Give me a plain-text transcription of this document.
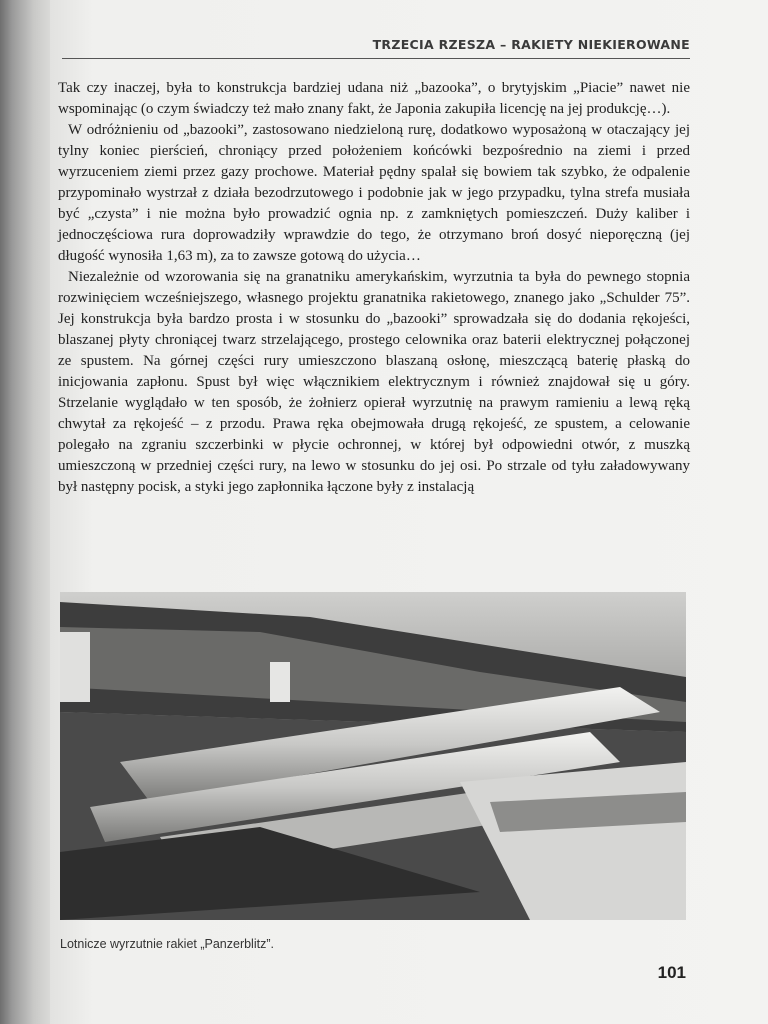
TRZECIA RZESZA – RAKIETY NIEKIEROWANE

Tak czy inaczej, była to konstrukcja bardziej udana niż „bazooka”, o brytyjskim „Piacie” nawet nie wspominając (o czym świadczy też mało znany fakt, że Japonia zakupiła licencję na jej produkcję…).

W odróżnieniu od „bazooki”, zastosowano niedzieloną rurę, dodatkowo wyposażoną w otaczający jej tylny koniec pierścień, chroniący przed położeniem końcówki bezpośrednio na ziemi i przed wyrzuceniem ziemi przez gazy prochowe. Materiał pędny spalał się bowiem tak szybko, że odpalenie przypominało wystrzał z działa bezodrzutowego i podobnie jak w jego przypadku, tylna strefa musiała być „czysta” i nie można było prowadzić ognia np. z zamkniętych pomieszczeń. Duży kaliber i jednoczęściowa rura doprowadziły wprawdzie do tego, że otrzymano broń dosyć nieporęczną (jej długość wynosiła 1,63 m), za to zawsze gotową do użycia…

Niezależnie od wzorowania się na granatniku amerykańskim, wyrzutnia ta była do pewnego stopnia rozwinięciem wcześniejszego, własnego projektu granatnika rakietowego, znanego jako „Schulder 75”. Jej konstrukcja była bardzo prosta i w stosunku do „bazooki” sprowadzała się do dodania rękojeści, blaszanej płyty chroniącej twarz strzelającego, prostego celownika oraz baterii elektrycznej połączonej ze spustem. Na górnej części rury umieszczono blaszaną osłonę, mieszczącą baterię płaską do inicjowania zapłonu. Spust był więc włącznikiem elektrycznym i również znajdował się u góry. Strzelanie wyglądało w ten sposób, że żołnierz opierał wyrzutnię na prawym ramieniu a lewą ręką chwytał za rękojeść – z przodu. Prawa ręka obejmowała drugą rękojeść, ze spustem, a celowanie polegało na zgraniu szczerbinki w płycie ochronnej, w której był odpowiedni otwór, z muszką umieszczoną w przedniej części rury, na lewo w stosunku do jej osi. Po strzale od tyłu załadowywany był następny pocisk, a styki jego zapłonnika łączone były z instalacją

Lotnicze wyrzutnie rakiet „Panzerblitz”.
101
